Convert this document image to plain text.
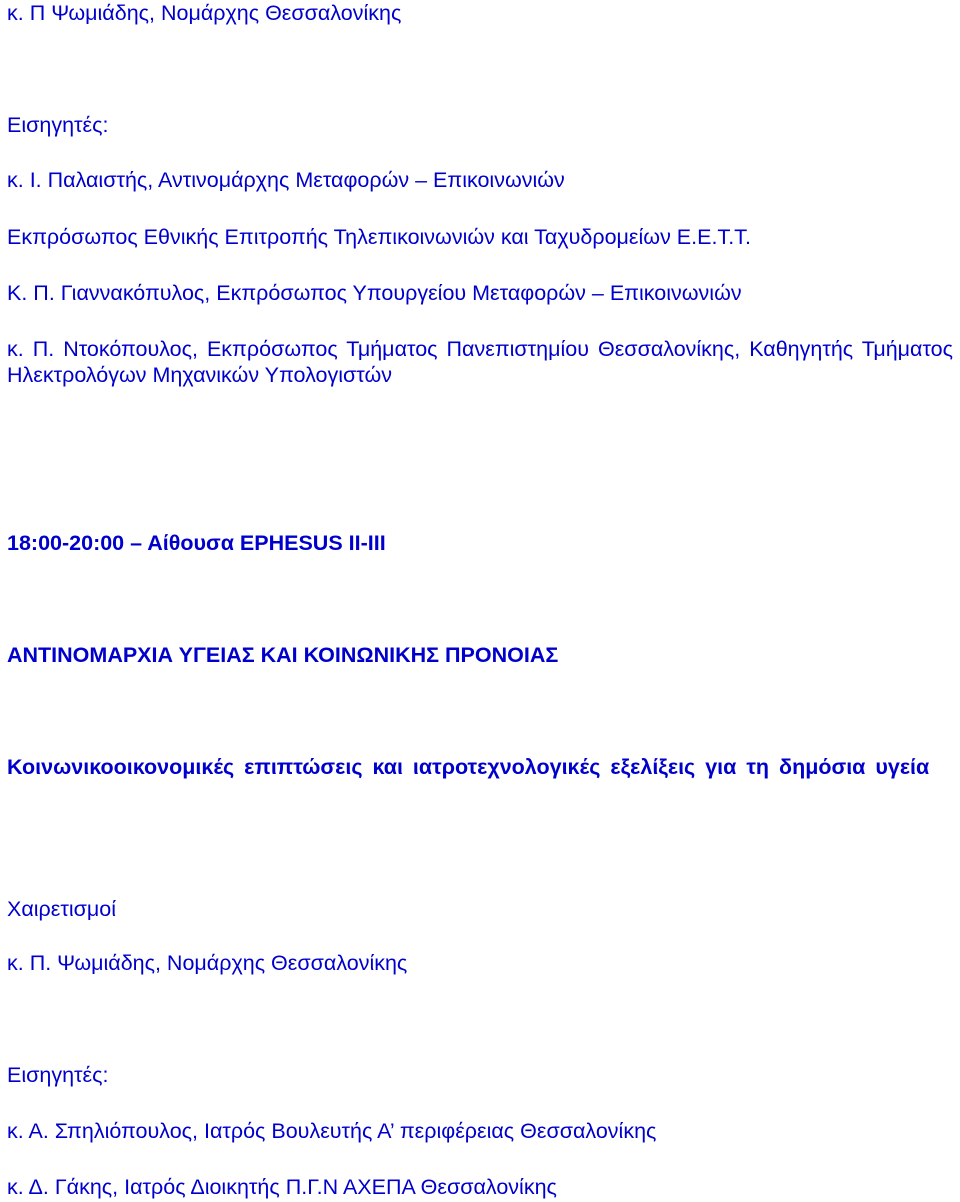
κ. Π Ψωμιάδης, Νομάρχης Θεσσαλονίκης
Εισηγητές:
κ. Ι. Παλαιστής, Αντινομάρχης Μεταφορών – Επικοινωνιών
Εκπρόσωπος Εθνικής Επιτροπής Τηλεπικοινωνιών και Ταχυδρομείων Ε.Ε.Τ.Τ.
Κ. Π. Γιαννακόπυλος, Εκπρόσωπος Υπουργείου Μεταφορών – Επικοινωνιών
κ. Π. Ντοκόπουλος, Εκπρόσωπος Τμήματος Πανεπιστημίου Θεσσαλονίκης, Καθηγητής Τμήματος Ηλεκτρολόγων Μηχανικών Υπολογιστών
18:00-20:00 – Αίθουσα EPHESUS II-III
ΑΝΤΙΝΟΜΑΡΧΙΑ ΥΓΕΙΑΣ ΚΑΙ ΚΟΙΝΩΝΙΚΗΣ ΠΡΟΝΟΙΑΣ
Κοινωνικοοικονομικές επιπτώσεις και ιατροτεχνολογικές εξελίξεις για τη δημόσια υγεία
Χαιρετισμοί
κ. Π. Ψωμιάδης, Νομάρχης Θεσσαλονίκης
Εισηγητές:
κ. Α. Σπηλιόπουλος, Ιατρός Βουλευτής Α’ περιφέρειας Θεσσαλονίκης
κ. Δ. Γάκης, Ιατρός Διοικητής Π.Γ.Ν ΑΧΕΠΑ Θεσσαλονίκης
